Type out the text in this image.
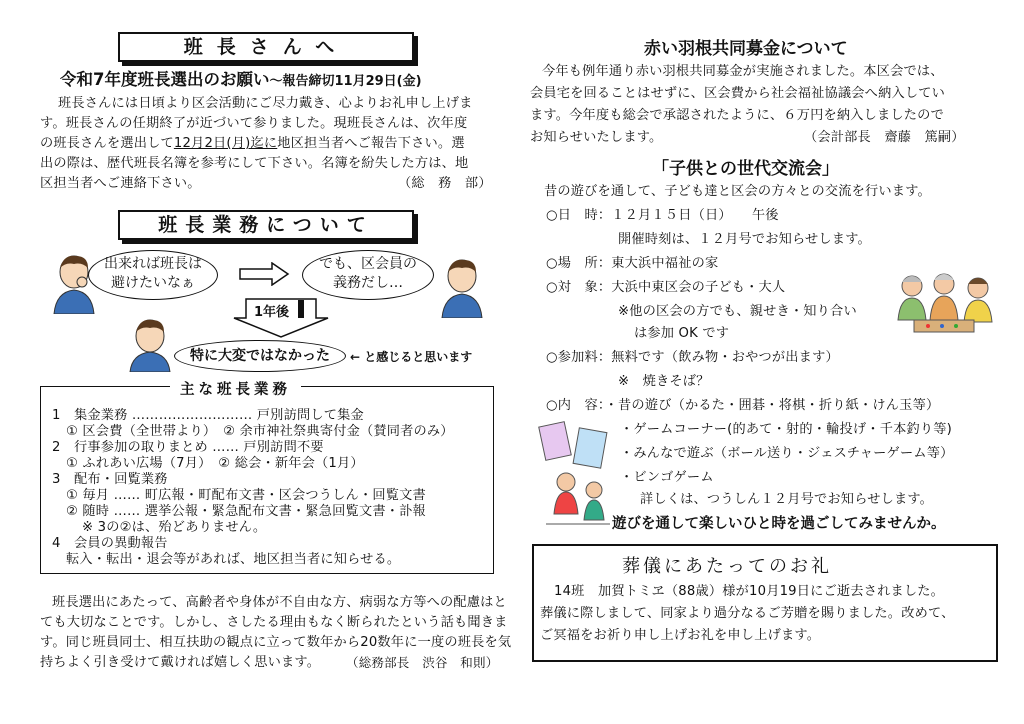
班長さんへ
令和7年度班長選出のお願い～報告締切11月29日(金)
班長さんには日頃より区会活動にご尽力戴き、心よりお礼申し上げま
す。班長さんの任期終了が近づいて参りました。現班長さんは、次年度
の班長さんを選出して12月2日(月)迄に地区担当者へご報告下さい。選
出の際は、歴代班長名簿を参考にして下さい。名簿を紛失した方は、地
区担当者へご連絡下さい。	（総　務　部）
班長業務について
出来れば班長は
避けたいなぁ
でも、区会員の
義務だし…
1年後
特に大変ではなかった	← と感じると思います
主な班長業務
1　集金業務 ……………………… 戸別訪問して集金
① 区会費（全世帯より）　② 余市神社祭典寄付金（賛同者のみ）
2　行事参加の取りまとめ …… 戸別訪問不要
① ふれあい広場（7月）　② 総会・新年会（1月）
3　配布・回覧業務
① 毎月 …… 町広報・町配布文書・区会つうしん・回覧文書
② 随時 …… 選挙公報・緊急配布文書・緊急回覧文書・訃報
※ 3の②は、殆どありません。
4　会員の異動報告
転入・転出・退会等があれば、地区担当者に知らせる。
班長選出にあたって、高齢者や身体が不自由な方、病弱な方等への配慮はと
ても大切なことです。しかし、さしたる理由もなく断られたという話も聞きま
す。同じ班員同士、相互扶助の観点に立って数年から20数年に一度の班長を気
持ちよく引き受けて戴ければ嬉しく思います。 （総務部長　渋谷　和則）
赤い羽根共同募金について
今年も例年通り赤い羽根共同募金が実施されました。本区会では、
会員宅を回ることはせずに、区会費から社会福祉協議会へ納入してい
ます。今年度も総会で承認されたように、６万円を納入しましたので
お知らせいたします。	（会計部長　齋藤　篤嗣）
「子供との世代交流会」
昔の遊びを通して、子ども達と区会の方々との交流を行います。
○日　時：１２月１５日（日）　　午後
開催時刻は、１２月号でお知らせします。
○場　所：東大浜中福祉の家
○対　象：大浜中東区会の子ども・大人
※他の区会の方でも、親せき・知り合い
は参加 OK です
○参加料：無料です（飲み物・おやつが出ます）
※　焼きそば？
○内　容：・昔の遊び（かるた・囲碁・将棋・折り紙・けん玉等）
・ゲームコーナー(的あて・射的・輪投げ・千本釣り等)
・みんなで遊ぶ（ボール送り・ジェスチャーゲーム等）
・ビンゴゲーム
詳しくは、つうしん１２月号でお知らせします。
遊びを通して楽しいひと時を過ごしてみませんか。
葬儀にあたってのお礼
14班　加賀トミヱ（88歳）様が10月19日にご逝去されました。
葬儀に際しまして、同家より過分なるご芳贈を賜りました。改めて、
ご冥福をお祈り申し上げお礼を申し上げます。
